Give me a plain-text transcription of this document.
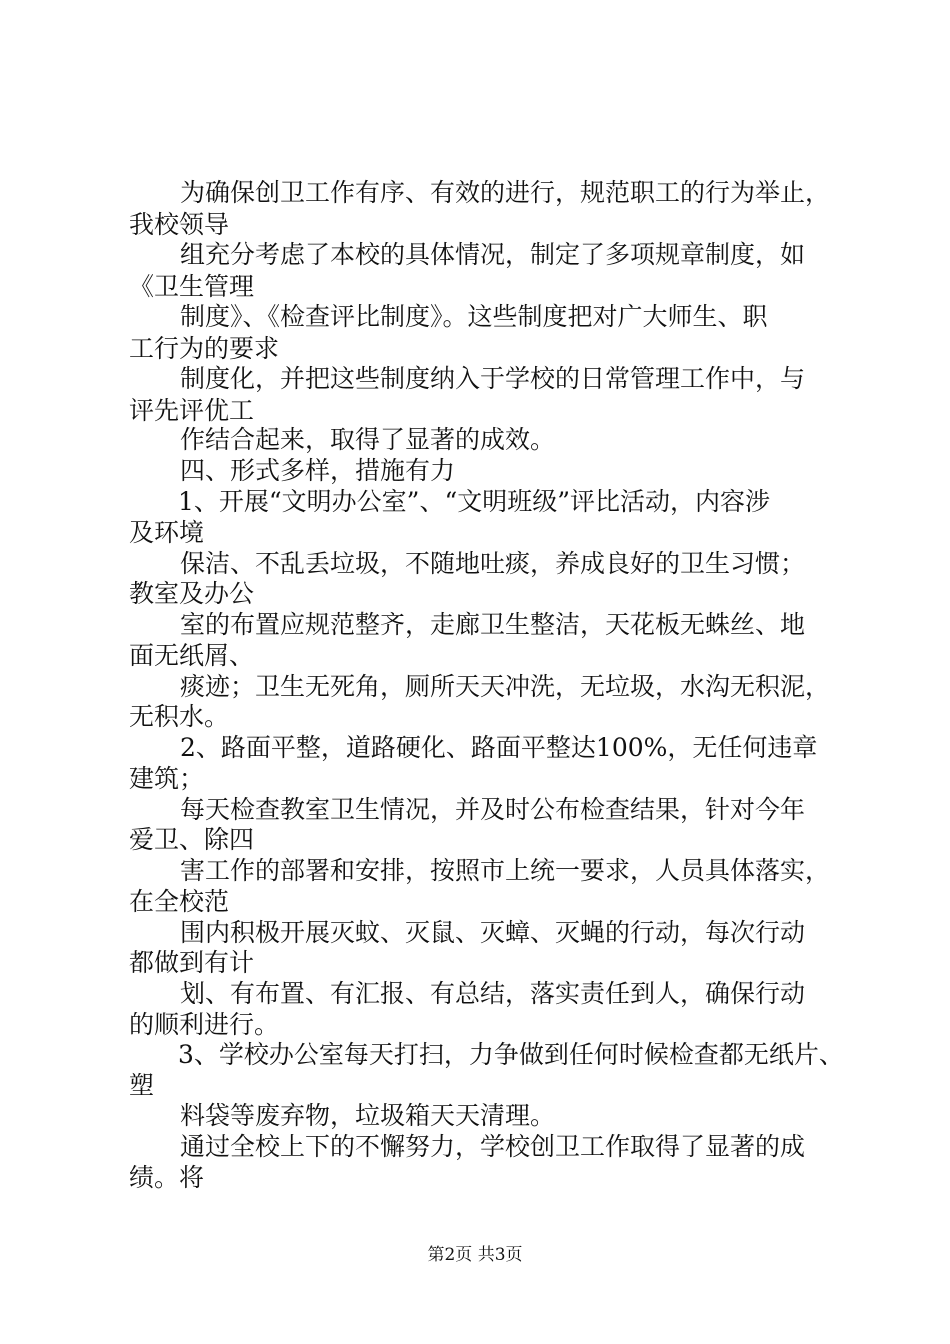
为确保创卫工作有序、有效的进行，规范职工的行为举止，
我校领导
组充分考虑了本校的具体情况，制定了多项规章制度，如
《卫生管理
制度》、《检查评比制度》。这些制度把对广大师生、职
工行为的要求
制度化，并把这些制度纳入于学校的日常管理工作中，与
评先评优工
作结合起来，取得了显著的成效。
四、形式多样，措施有力
1、开展“文明办公室”、“文明班级”评比活动，内容涉
及环境
保洁、不乱丢垃圾，不随地吐痰，养成良好的卫生习惯；
教室及办公
室的布置应规范整齐，走廊卫生整洁，天花板无蛛丝、地
面无纸屑、
痰迹；卫生无死角，厕所天天冲洗，无垃圾，水沟无积泥，
无积水。
2、路面平整，道路硬化、路面平整达100%，无任何违章
建筑；
每天检查教室卫生情况，并及时公布检查结果，针对今年
爱卫、除四
害工作的部署和安排，按照市上统一要求，人员具体落实，
在全校范
围内积极开展灭蚊、灭鼠、灭蟑、灭蝇的行动，每次行动
都做到有计
划、有布置、有汇报、有总结，落实责任到人，确保行动
的顺利进行。
3、学校办公室每天打扫，力争做到任何时候检查都无纸片、
塑
料袋等废弃物，垃圾箱天天清理。
通过全校上下的不懈努力，学校创卫工作取得了显著的成
绩。将
第2页 共3页
